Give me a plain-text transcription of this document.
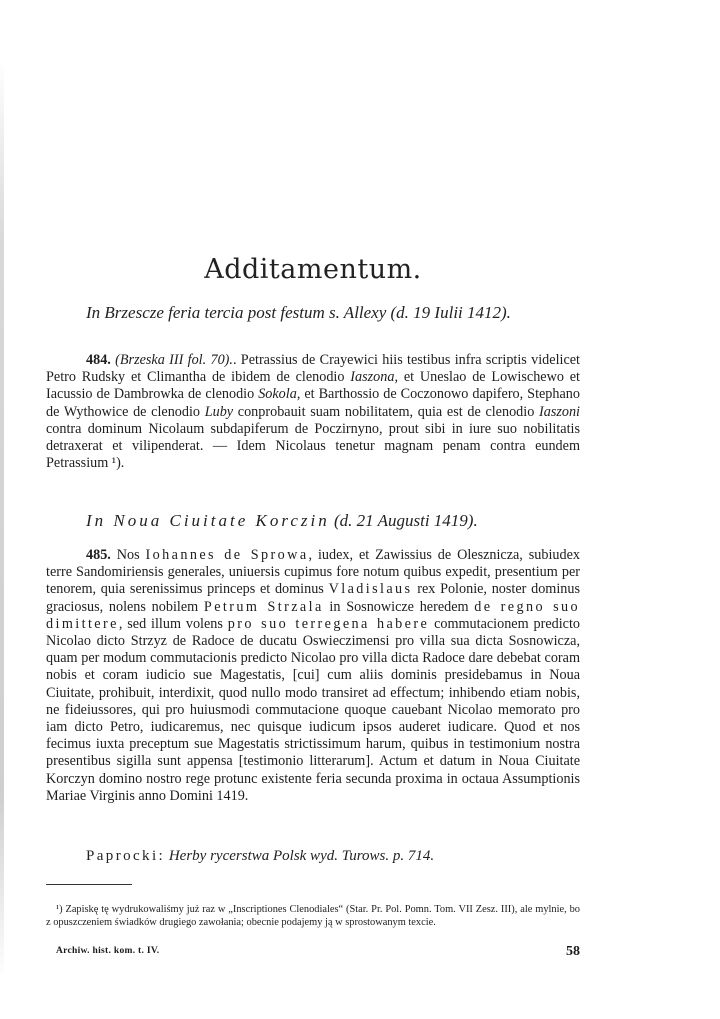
Additamentum.
In Brzescze feria tercia post festum s. Allexy (d. 19 Iulii 1412).
484. (Brzeska III fol. 70).. Petrassius de Crayewici hiis testibus infra scriptis videlicet Petro Rudsky et Climantha de ibidem de clenodio Iaszona, et Uneslao de Lowischewo et Iacussio de Dambrowka de clenodio Sokola, et Barthossio de Coczonowo dapifero, Stephano de Wythowice de clenodio Luby conprobauit suam nobilitatem, quia est de clenodio Iaszoni contra dominum Nicolaum subdapiferum de Poczirnyno, prout sibi in iure suo nobilitatis detraxerat et vilipenderat. — Idem Nicolaus tenetur magnam penam contra eundem Petrassium ¹).
In Noua Ciuitate Korczin (d. 21 Augusti 1419).
485. Nos Iohannes de Sprowa, iudex, et Zawissius de Olesznicza, subiudex terre Sandomiriensis generales, uniuersis cupimus fore notum quibus expedit, presentium per tenorem, quia serenissimus princeps et dominus Vladislaus rex Polonie, noster dominus graciosus, nolens nobilem Petrum Strzala in Sosnowicze heredem de regno suo dimittere, sed illum volens pro suo terregena habere commutacionem predicto Nicolao dicto Strzyz de Radoce de ducatu Oswieczimensi pro villa sua dicta Sosnowicza, quam per modum commutacionis predicto Nicolao pro villa dicta Radoce dare debebat coram nobis et coram iudicio sue Magestatis, [cui] cum aliis dominis presidebamus in Noua Ciuitate, prohibuit, interdixit, quod nullo modo transiret ad effectum; inhibendo etiam nobis, ne fideiussores, qui pro huiusmodi commutacione quoque cauebant Nicolao memorato pro iam dicto Petro, iudicaremus, nec quisque iudicum ipsos auderet iudicare. Quod et nos fecimus iuxta preceptum sue Magestatis strictissimum harum, quibus in testimonium nostra presentibus sigilla sunt appensa [testimonio litterarum]. Actum et datum in Noua Ciuitate Korczyn domino nostro rege protunc existente feria secunda proxima in octaua Assumptionis Mariae Virginis anno Domini 1419.
Paprocki: Herby rycerstwa Polsk wyd. Turows. p. 714.
¹) Zapiskę tę wydrukowaliśmy już raz w „Inscriptiones Clenodiales“ (Star. Pr. Pol. Pomn. Tom. VII Zesz. III), ale mylnie, bo z opuszczeniem świadków drugiego zawołania; obecnie podajemy ją w sprostowanym texcie.
Archiw. hist. kom. t. IV.	58
